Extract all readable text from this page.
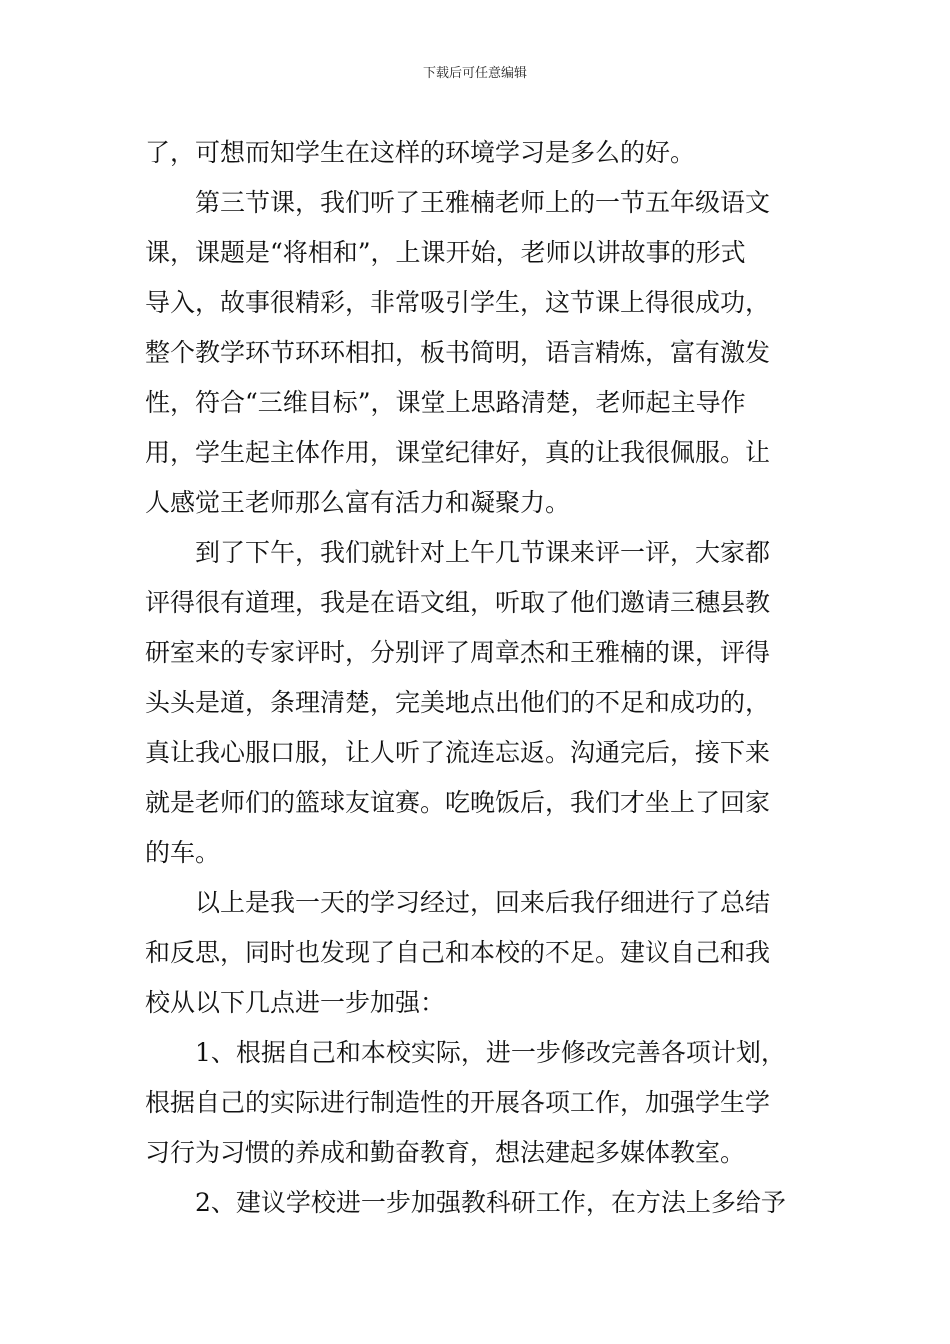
下载后可任意编辑
了，可想而知学生在这样的环境学习是多么的好。
第三节课，我们听了王雅楠老师上的一节五年级语文
课，课题是“将相和”，上课开始，老师以讲故事的形式
导入，故事很精彩，非常吸引学生，这节课上得很成功，
整个教学环节环环相扣，板书简明，语言精炼，富有激发
性，符合“三维目标”，课堂上思路清楚，老师起主导作
用，学生起主体作用，课堂纪律好，真的让我很佩服。让
人感觉王老师那么富有活力和凝聚力。
到了下午，我们就针对上午几节课来评一评，大家都
评得很有道理，我是在语文组，听取了他们邀请三穗县教
研室来的专家评时，分别评了周章杰和王雅楠的课，评得
头头是道，条理清楚，完美地点出他们的不足和成功的，
真让我心服口服，让人听了流连忘返。沟通完后，接下来
就是老师们的篮球友谊赛。吃晚饭后，我们才坐上了回家
的车。
以上是我一天的学习经过，回来后我仔细进行了总结
和反思，同时也发现了自己和本校的不足。建议自己和我
校从以下几点进一步加强：
1、根据自己和本校实际，进一步修改完善各项计划，
根据自己的实际进行制造性的开展各项工作，加强学生学
习行为习惯的养成和勤奋教育，想法建起多媒体教室。
2、建议学校进一步加强教科研工作，在方法上多给予
